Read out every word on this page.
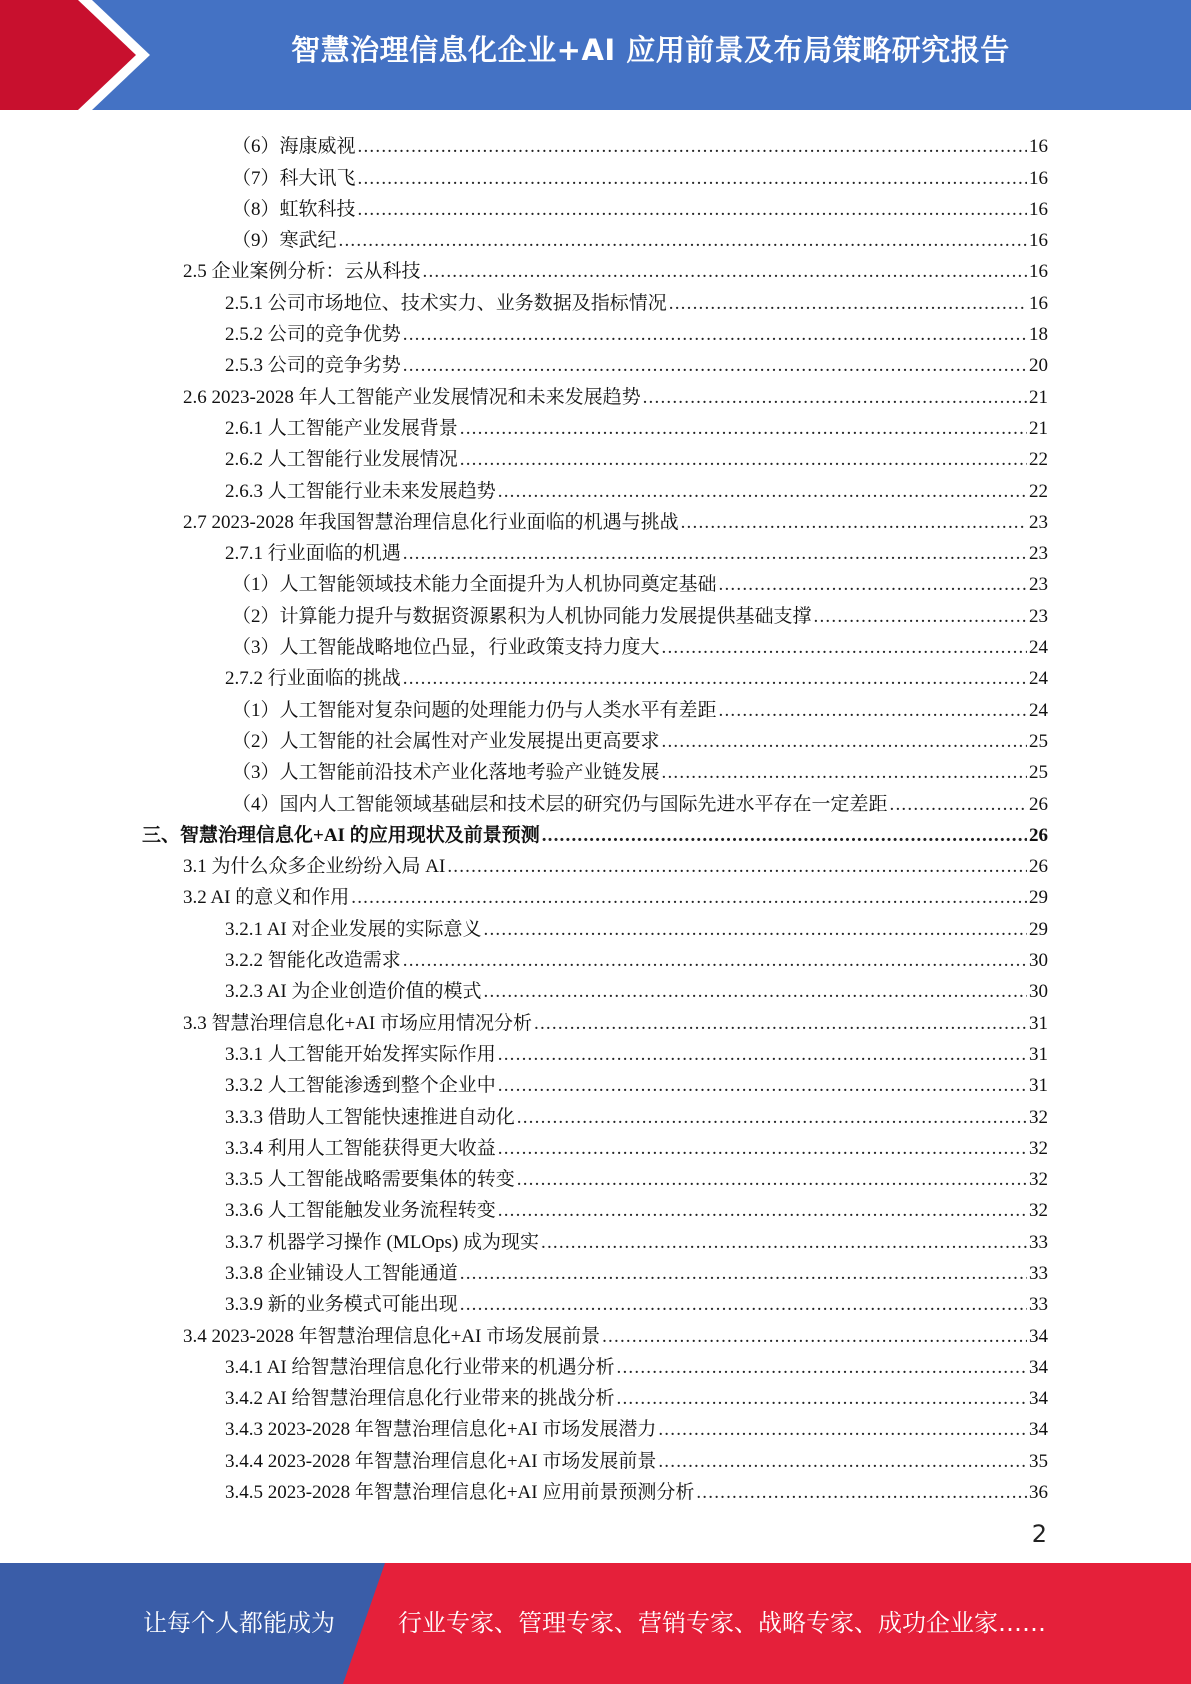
智慧治理信息化企业+AI 应用前景及布局策略研究报告
（6）海康威视 .....	16
（7）科大讯飞 .....	16
（8）虹软科技 .....	16
（9）寒武纪 .....	16
2.5 企业案例分析：云从科技 .....	16
2.5.1 公司市场地位、技术实力、业务数据及指标情况 .....	16
2.5.2 公司的竞争优势 .....	18
2.5.3 公司的竞争劣势 .....	20
2.6 2023-2028 年人工智能产业发展情况和未来发展趋势 .....	21
2.6.1 人工智能产业发展背景 .....	21
2.6.2 人工智能行业发展情况 .....	22
2.6.3 人工智能行业未来发展趋势 .....	22
2.7 2023-2028 年我国智慧治理信息化行业面临的机遇与挑战 .....	23
2.7.1 行业面临的机遇 .....	23
（1）人工智能领域技术能力全面提升为人机协同奠定基础 .....	23
（2）计算能力提升与数据资源累积为人机协同能力发展提供基础支撑 .....	23
（3）人工智能战略地位凸显，行业政策支持力度大 .....	24
2.7.2 行业面临的挑战 .....	24
（1）人工智能对复杂问题的处理能力仍与人类水平有差距 .....	24
（2）人工智能的社会属性对产业发展提出更高要求 .....	25
（3）人工智能前沿技术产业化落地考验产业链发展 .....	25
（4）国内人工智能领域基础层和技术层的研究仍与国际先进水平存在一定差距 .....	26
三、智慧治理信息化+AI 的应用现状及前景预测 .....	26
3.1 为什么众多企业纷纷入局 AI .....	26
3.2 AI 的意义和作用 .....	29
3.2.1 AI 对企业发展的实际意义 .....	29
3.2.2 智能化改造需求 .....	30
3.2.3 AI 为企业创造价值的模式 .....	30
3.3 智慧治理信息化+AI 市场应用情况分析 .....	31
3.3.1 人工智能开始发挥实际作用 .....	31
3.3.2 人工智能渗透到整个企业中 .....	31
3.3.3 借助人工智能快速推进自动化 .....	32
3.3.4 利用人工智能获得更大收益 .....	32
3.3.5 人工智能战略需要集体的转变 .....	32
3.3.6 人工智能触发业务流程转变 .....	32
3.3.7 机器学习操作 (MLOps) 成为现实 .....	33
3.3.8 企业铺设人工智能通道 .....	33
3.3.9 新的业务模式可能出现 .....	33
3.4 2023-2028 年智慧治理信息化+AI 市场发展前景 .....	34
3.4.1 AI 给智慧治理信息化行业带来的机遇分析 .....	34
3.4.2 AI 给智慧治理信息化行业带来的挑战分析 .....	34
3.4.3 2023-2028 年智慧治理信息化+AI 市场发展潜力 .....	34
3.4.4 2023-2028 年智慧治理信息化+AI 市场发展前景 .....	35
3.4.5 2023-2028 年智慧治理信息化+AI 应用前景预测分析 .....	36
2
让每个人都能成为	行业专家、管理专家、营销专家、战略专家、成功企业家……
